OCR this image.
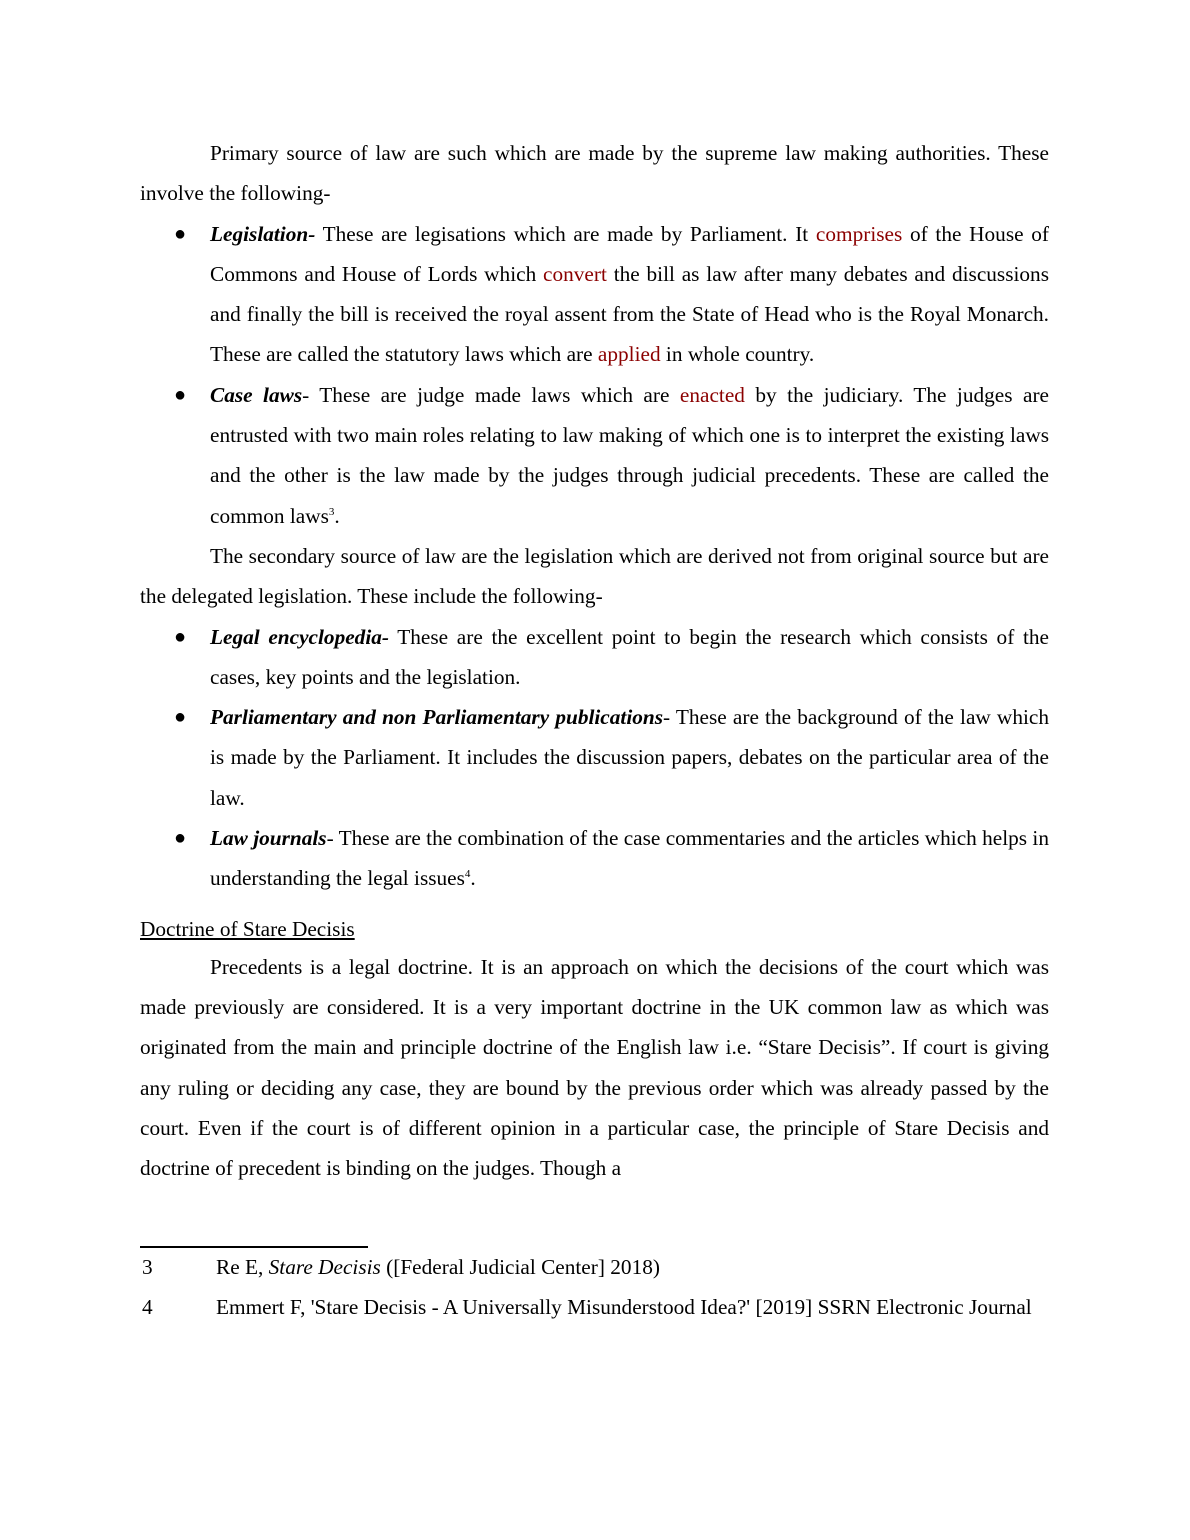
Primary source of law are such which are made by the supreme law making authorities. These involve the following-

● Legislation- These are legisations which are made by Parliament. It comprises of the House of Commons and House of Lords which convert the bill as law after many debates and discussions and finally the bill is received the royal assent from the State of Head who is the Royal Monarch. These are called the statutory laws which are applied in whole country.
● Case laws- These are judge made laws which are enacted by the judiciary. The judges are entrusted with two main roles relating to law making of which one is to interpret the existing laws and the other is the law made by the judges through judicial precedents. These are called the common laws$^3$.

The secondary source of law are the legislation which are derived not from original source but are the delegated legislation. These include the following-

● Legal encyclopedia- These are the excellent point to begin the research which consists of the cases, key points and the legislation.
● Parliamentary and non Parliamentary publications- These are the background of the law which is made by the Parliament. It includes the discussion papers, debates on the particular area of the law.
● Law journals- These are the combination of the case commentaries and the articles which helps in understanding the legal issues$^4$.
Doctrine of Stare Decisis

Precedents is a legal doctrine. It is an approach on which the decisions of the court which was made previously are considered. It is a very important doctrine in the UK common law as which was originated from the main and principle doctrine of the English law i.e. “Stare Decisis”. If court is giving any ruling or deciding any case, they are bound by the previous order which was already passed by the court. Even if the court is of different opinion in a particular case, the principle of Stare Decisis and doctrine of precedent is binding on the judges. Though a

3	Re E, Stare Decisis ([Federal Judicial Center] 2018)
4	Emmert F, 'Stare Decisis - A Universally Misunderstood Idea?' [2019] SSRN Electronic Journal
